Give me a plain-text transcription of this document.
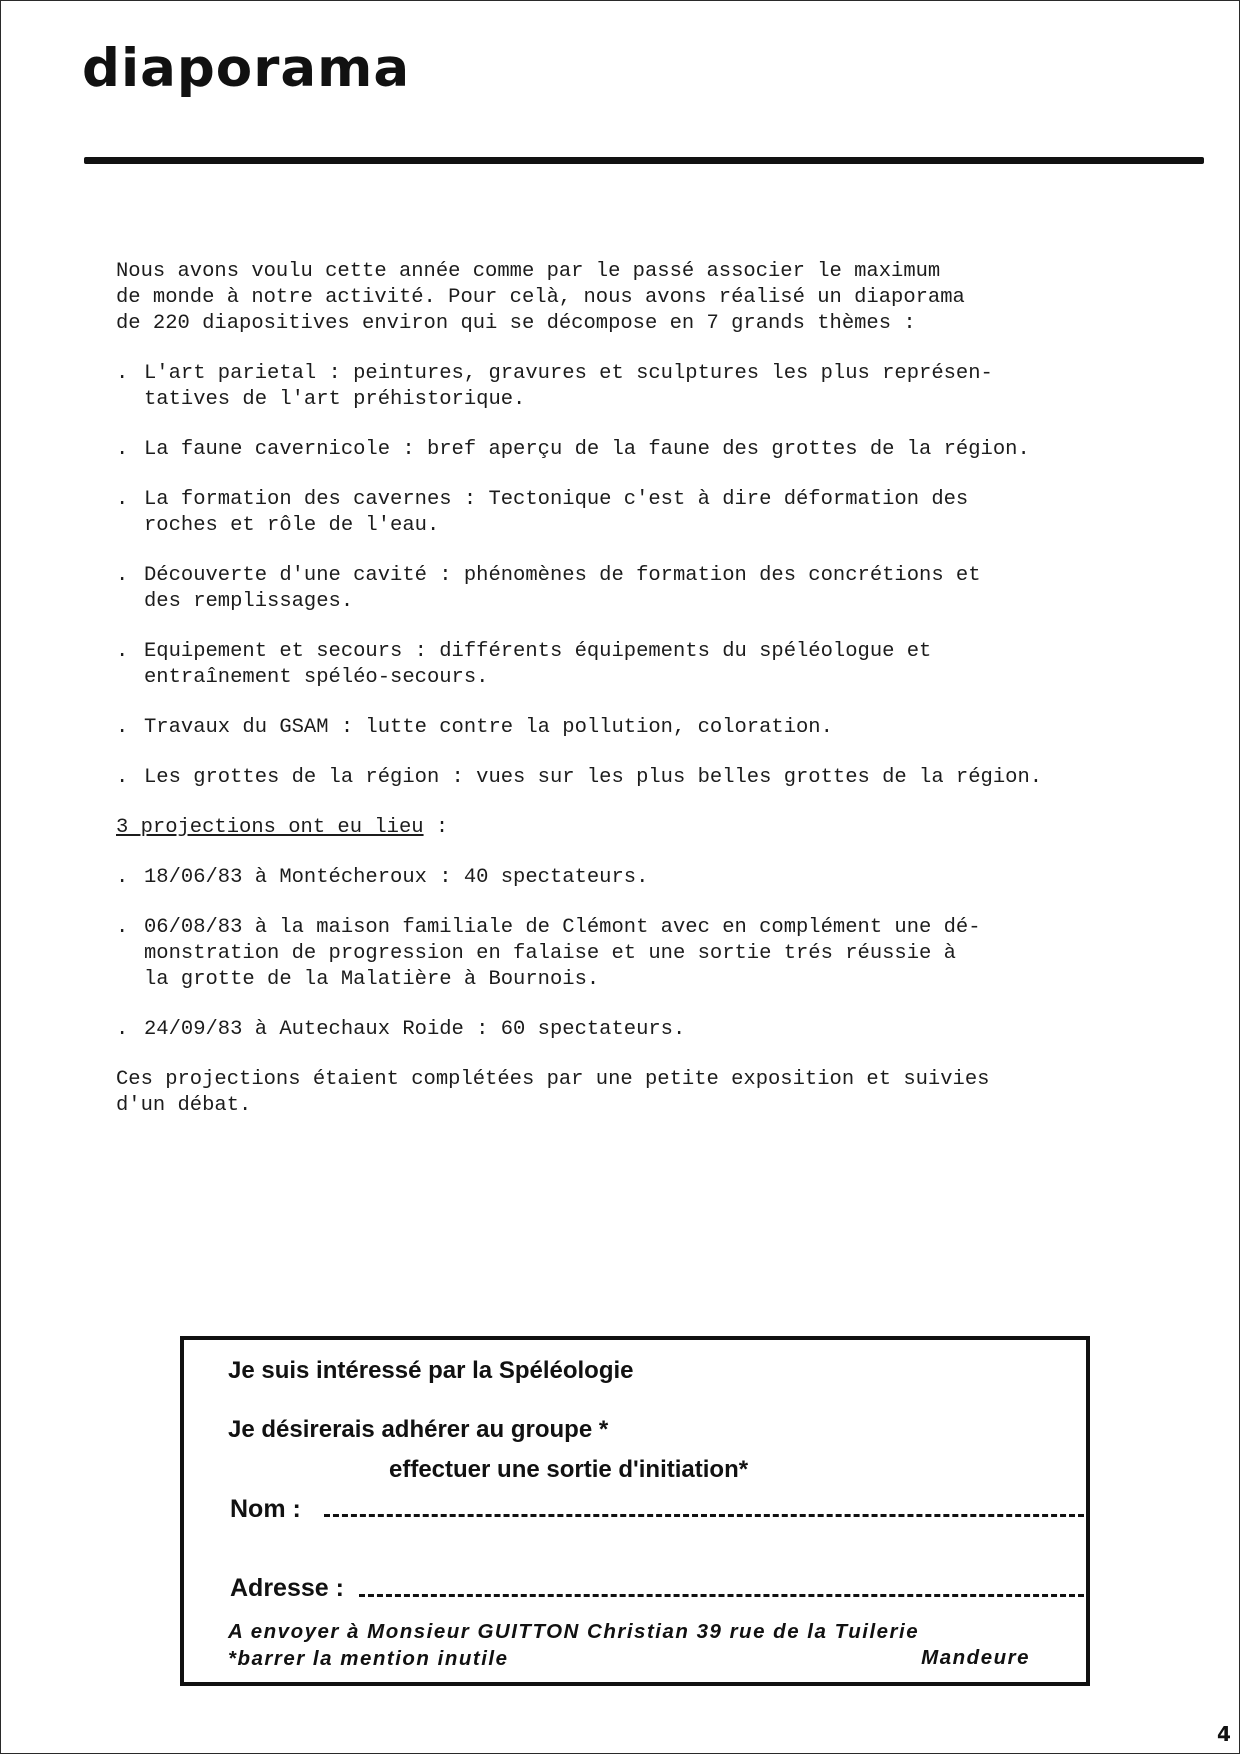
diaporama

Nous avons voulu cette année comme par le passé associer le maximum
de monde à notre activité. Pour celà, nous avons réalisé un diaporama
de 220 diapositives environ qui se décompose en 7 grands thèmes :

. L'art parietal : peintures, gravures et sculptures les plus représen-
tatives de l'art préhistorique.
. La faune cavernicole : bref aperçu de la faune des grottes de la région.
. La formation des cavernes : Tectonique c'est à dire déformation des
roches et rôle de l'eau.
. Découverte d'une cavité : phénomènes de formation des concrétions et
des remplissages.
. Equipement et secours : différents équipements du spéléologue et
entraînement spéléo-secours.
. Travaux du GSAM : lutte contre la pollution, coloration.
. Les grottes de la région : vues sur les plus belles grottes de la région.

3 projections ont eu lieu :

. 18/06/83 à Montécheroux : 40 spectateurs.
. 06/08/83 à la maison familiale de Clémont avec en complément une dé-
monstration de progression en falaise et une sortie trés réussie à
la grotte de la Malatière à Bournois.
. 24/09/83 à Autechaux Roide : 60 spectateurs.

Ces projections étaient complétées par une petite exposition et suivies
d'un débat.

Je suis intéressé par la Spéléologie
Je désirerais adhérer au groupe *
effectuer une sortie d'initiation*
Nom :
Adresse :
A envoyer à Monsieur GUITTON Christian 39 rue de la Tuilerie
*barrer la mention inutile	Mandeure
4
